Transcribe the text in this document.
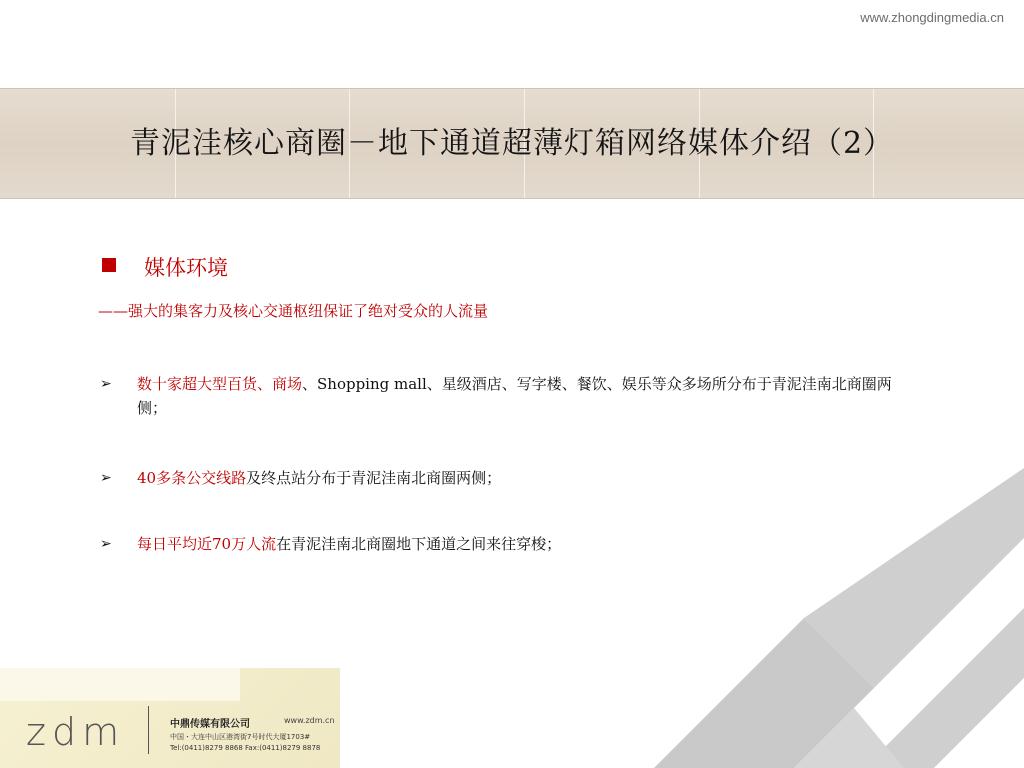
www.zhongdingmedia.cn
青泥洼核心商圈－地下通道超薄灯箱网络媒体介绍（2）
媒体环境
——强大的集客力及核心交通枢纽保证了绝对受众的人流量
➢ 数十家超大型百货、商场、Shopping mall、星级酒店、写字楼、餐饮、娱乐等众多场所分布于青泥洼南北商圈两侧；
➢ 40多条公交线路及终点站分布于青泥洼南北商圈两侧；
➢ 每日平均近70万人流在青泥洼南北商圈地下通道之间来往穿梭；
zdm	中鼎传媒有限公司	www.zdm.cn
中国・大连中山区港湾街7号时代大厦1703#
Tel:(0411)8279 8868 Fax:(0411)8279 8878
